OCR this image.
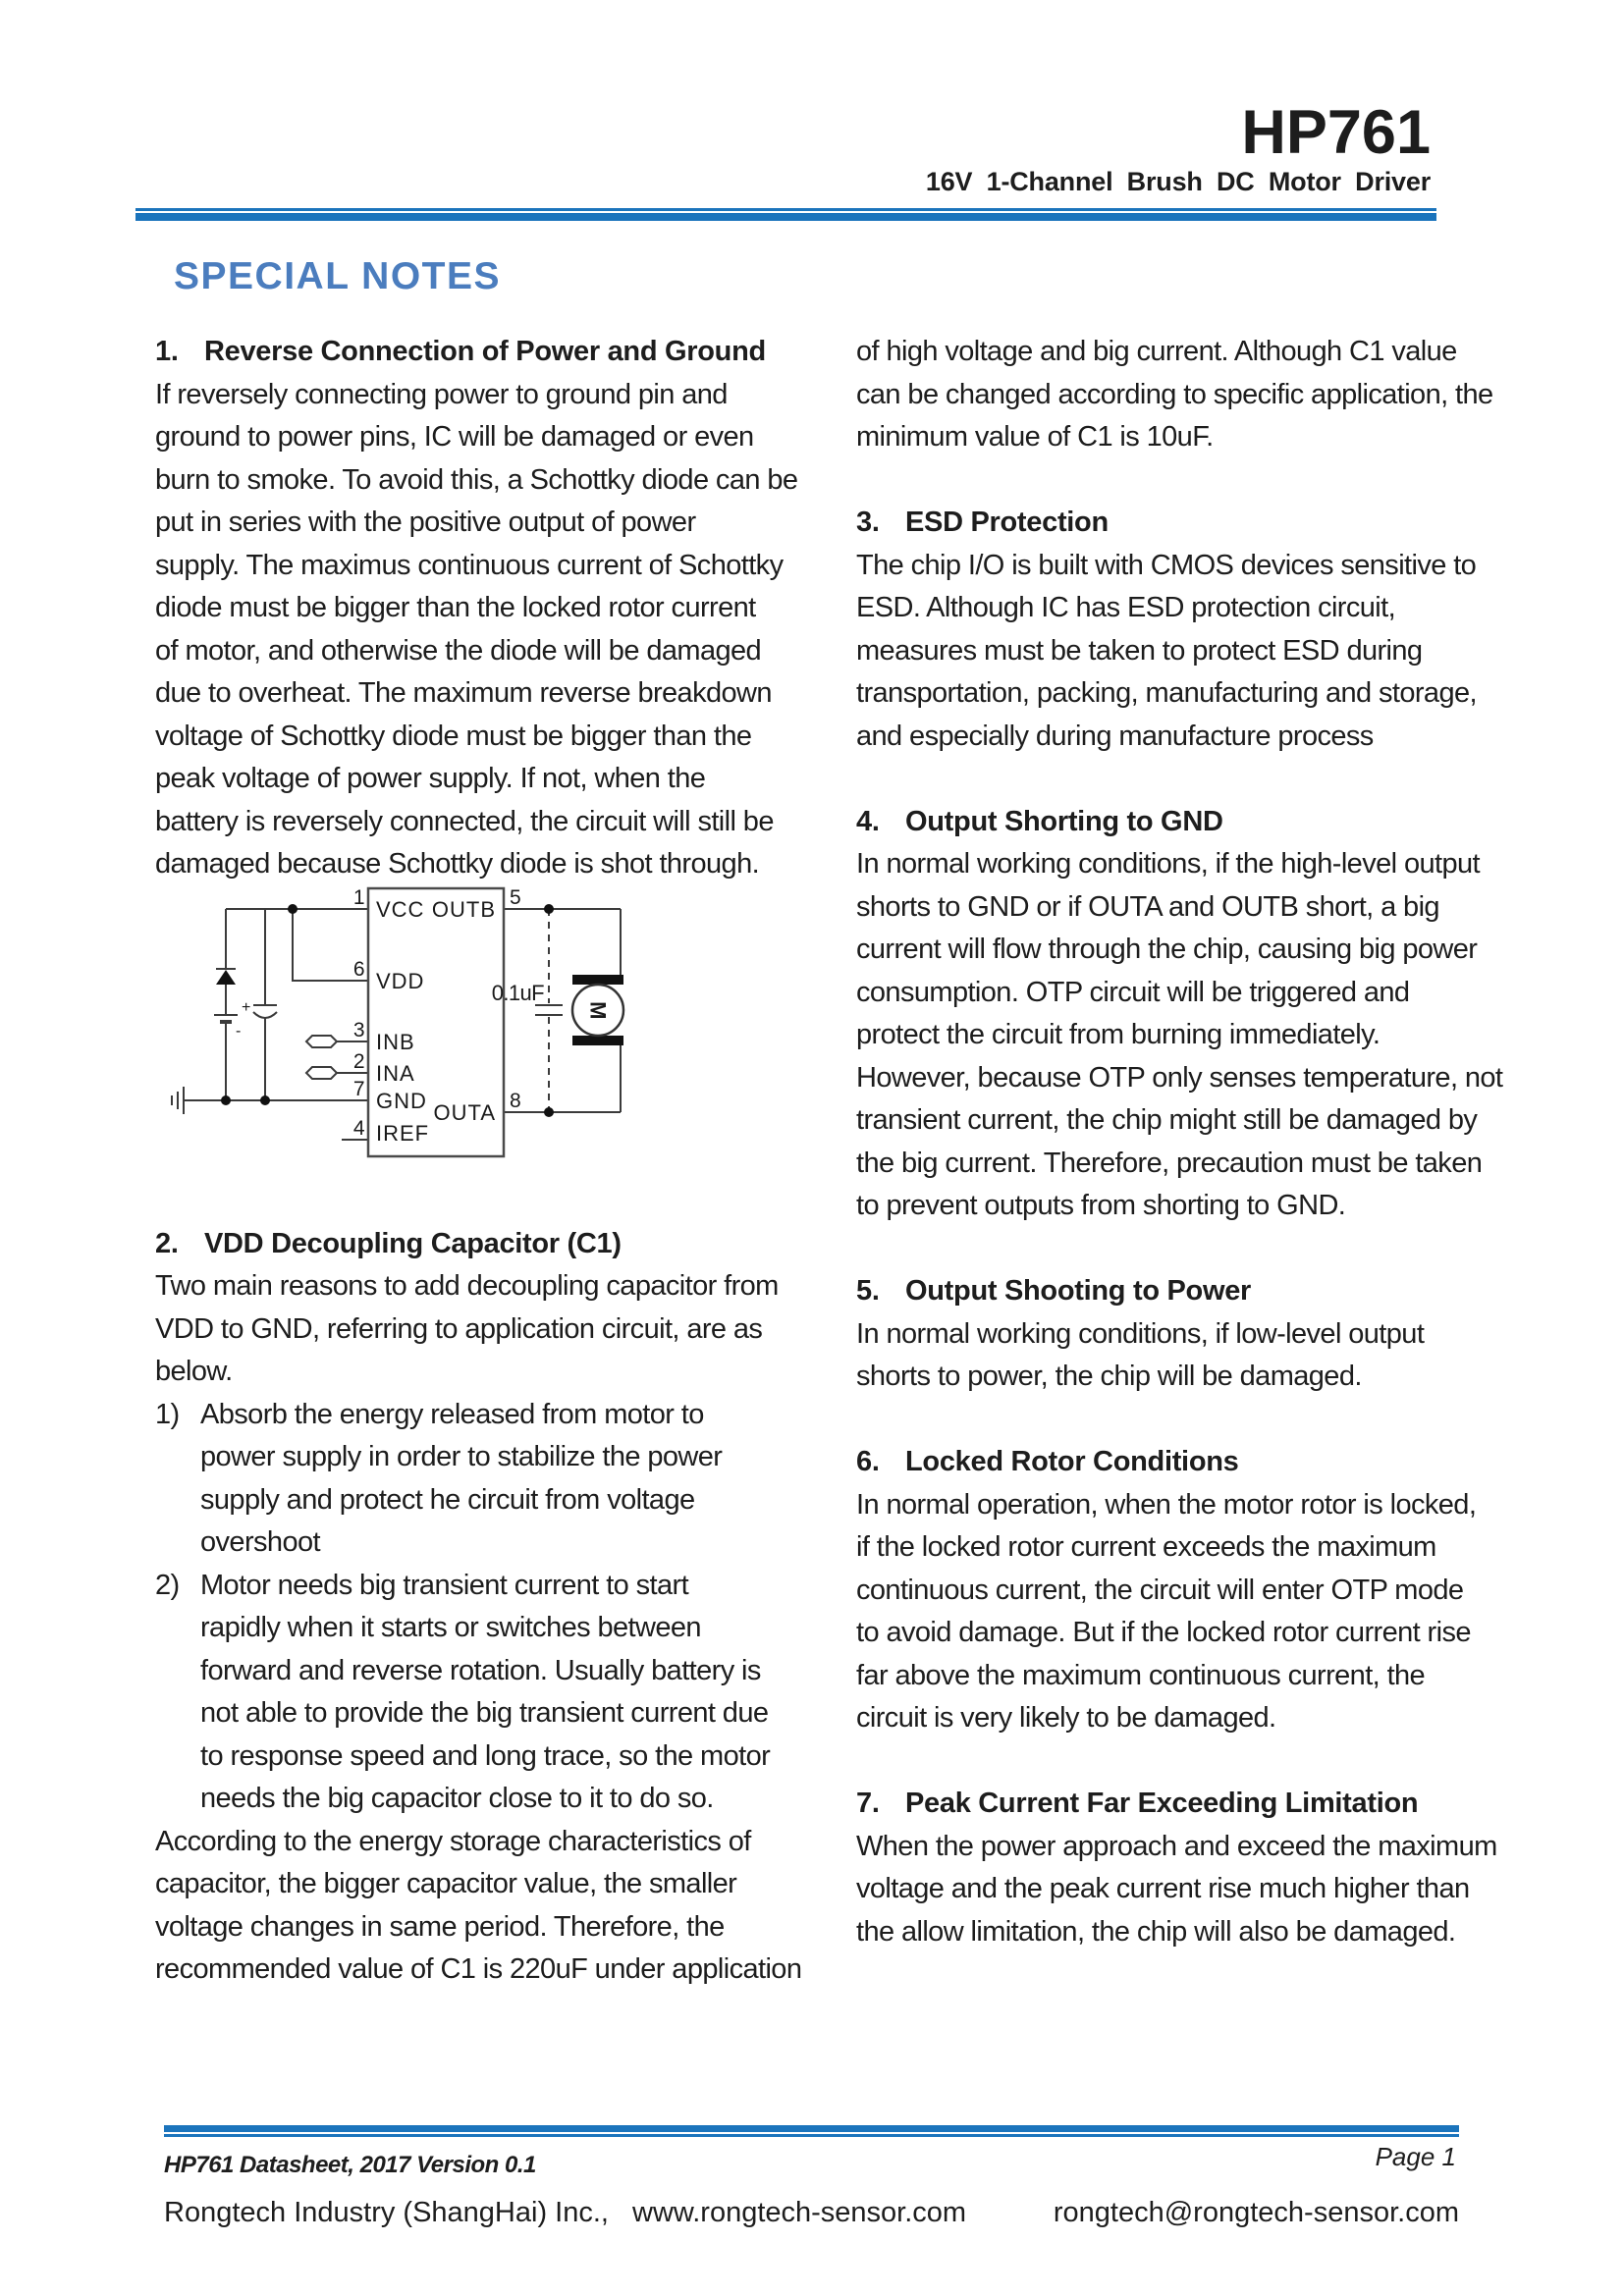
HP761
16V 1-Channel Brush DC Motor Driver
SPECIAL NOTES
1. Reverse Connection of Power and Ground
If reversely connecting power to ground pin and
ground to power pins, IC will be damaged or even
burn to smoke. To avoid this, a Schottky diode can be
put in series with the positive output of power
supply. The maximus continuous current of Schottky
diode must be bigger than the locked rotor current
of motor, and otherwise the diode will be damaged
due to overheat. The maximum reverse breakdown
voltage of Schottky diode must be bigger than the
peak voltage of power supply. If not, when the
battery is reversely connected, the circuit will still be
damaged because Schottky diode is shot through.
1
6
3
2
7
4
5
8
VCC
VDD
INB
INA
GND
IREF
OUTB
OUTA
0.1uF
+
-
M
2. VDD Decoupling Capacitor (C1)
Two main reasons to add decoupling capacitor from
VDD to GND, referring to application circuit, are as
below.
1) Absorb the energy released from motor to
power supply in order to stabilize the power
supply and protect he circuit from voltage
overshoot
2) Motor needs big transient current to start
rapidly when it starts or switches between
forward and reverse rotation. Usually battery is
not able to provide the big transient current due
to response speed and long trace, so the motor
needs the big capacitor close to it to do so.
According to the energy storage characteristics of
capacitor, the bigger capacitor value, the smaller
voltage changes in same period. Therefore, the
recommended value of C1 is 220uF under application
of high voltage and big current. Although C1 value
can be changed according to specific application, the
minimum value of C1 is 10uF.
3. ESD Protection
The chip I/O is built with CMOS devices sensitive to
ESD. Although IC has ESD protection circuit,
measures must be taken to protect ESD during
transportation, packing, manufacturing and storage,
and especially during manufacture process
4. Output Shorting to GND
In normal working conditions, if the high-level output
shorts to GND or if OUTA and OUTB short, a big
current will flow through the chip, causing big power
consumption. OTP circuit will be triggered and
protect the circuit from burning immediately.
However, because OTP only senses temperature, not
transient current, the chip might still be damaged by
the big current. Therefore, precaution must be taken
to prevent outputs from shorting to GND.
5. Output Shooting to Power
In normal working conditions, if low-level output
shorts to power, the chip will be damaged.
6. Locked Rotor Conditions
In normal operation, when the motor rotor is locked,
if the locked rotor current exceeds the maximum
continuous current, the circuit will enter OTP mode
to avoid damage. But if the locked rotor current rise
far above the maximum continuous current, the
circuit is very likely to be damaged.
7. Peak Current Far Exceeding Limitation
When the power approach and exceed the maximum
voltage and the peak current rise much higher than
the allow limitation, the chip will also be damaged.
HP761 Datasheet, 2017 Version 0.1	Page 1
Rongtech Industry (ShangHai) Inc., www.rongtech-sensor.com	rongtech@rongtech-sensor.com
